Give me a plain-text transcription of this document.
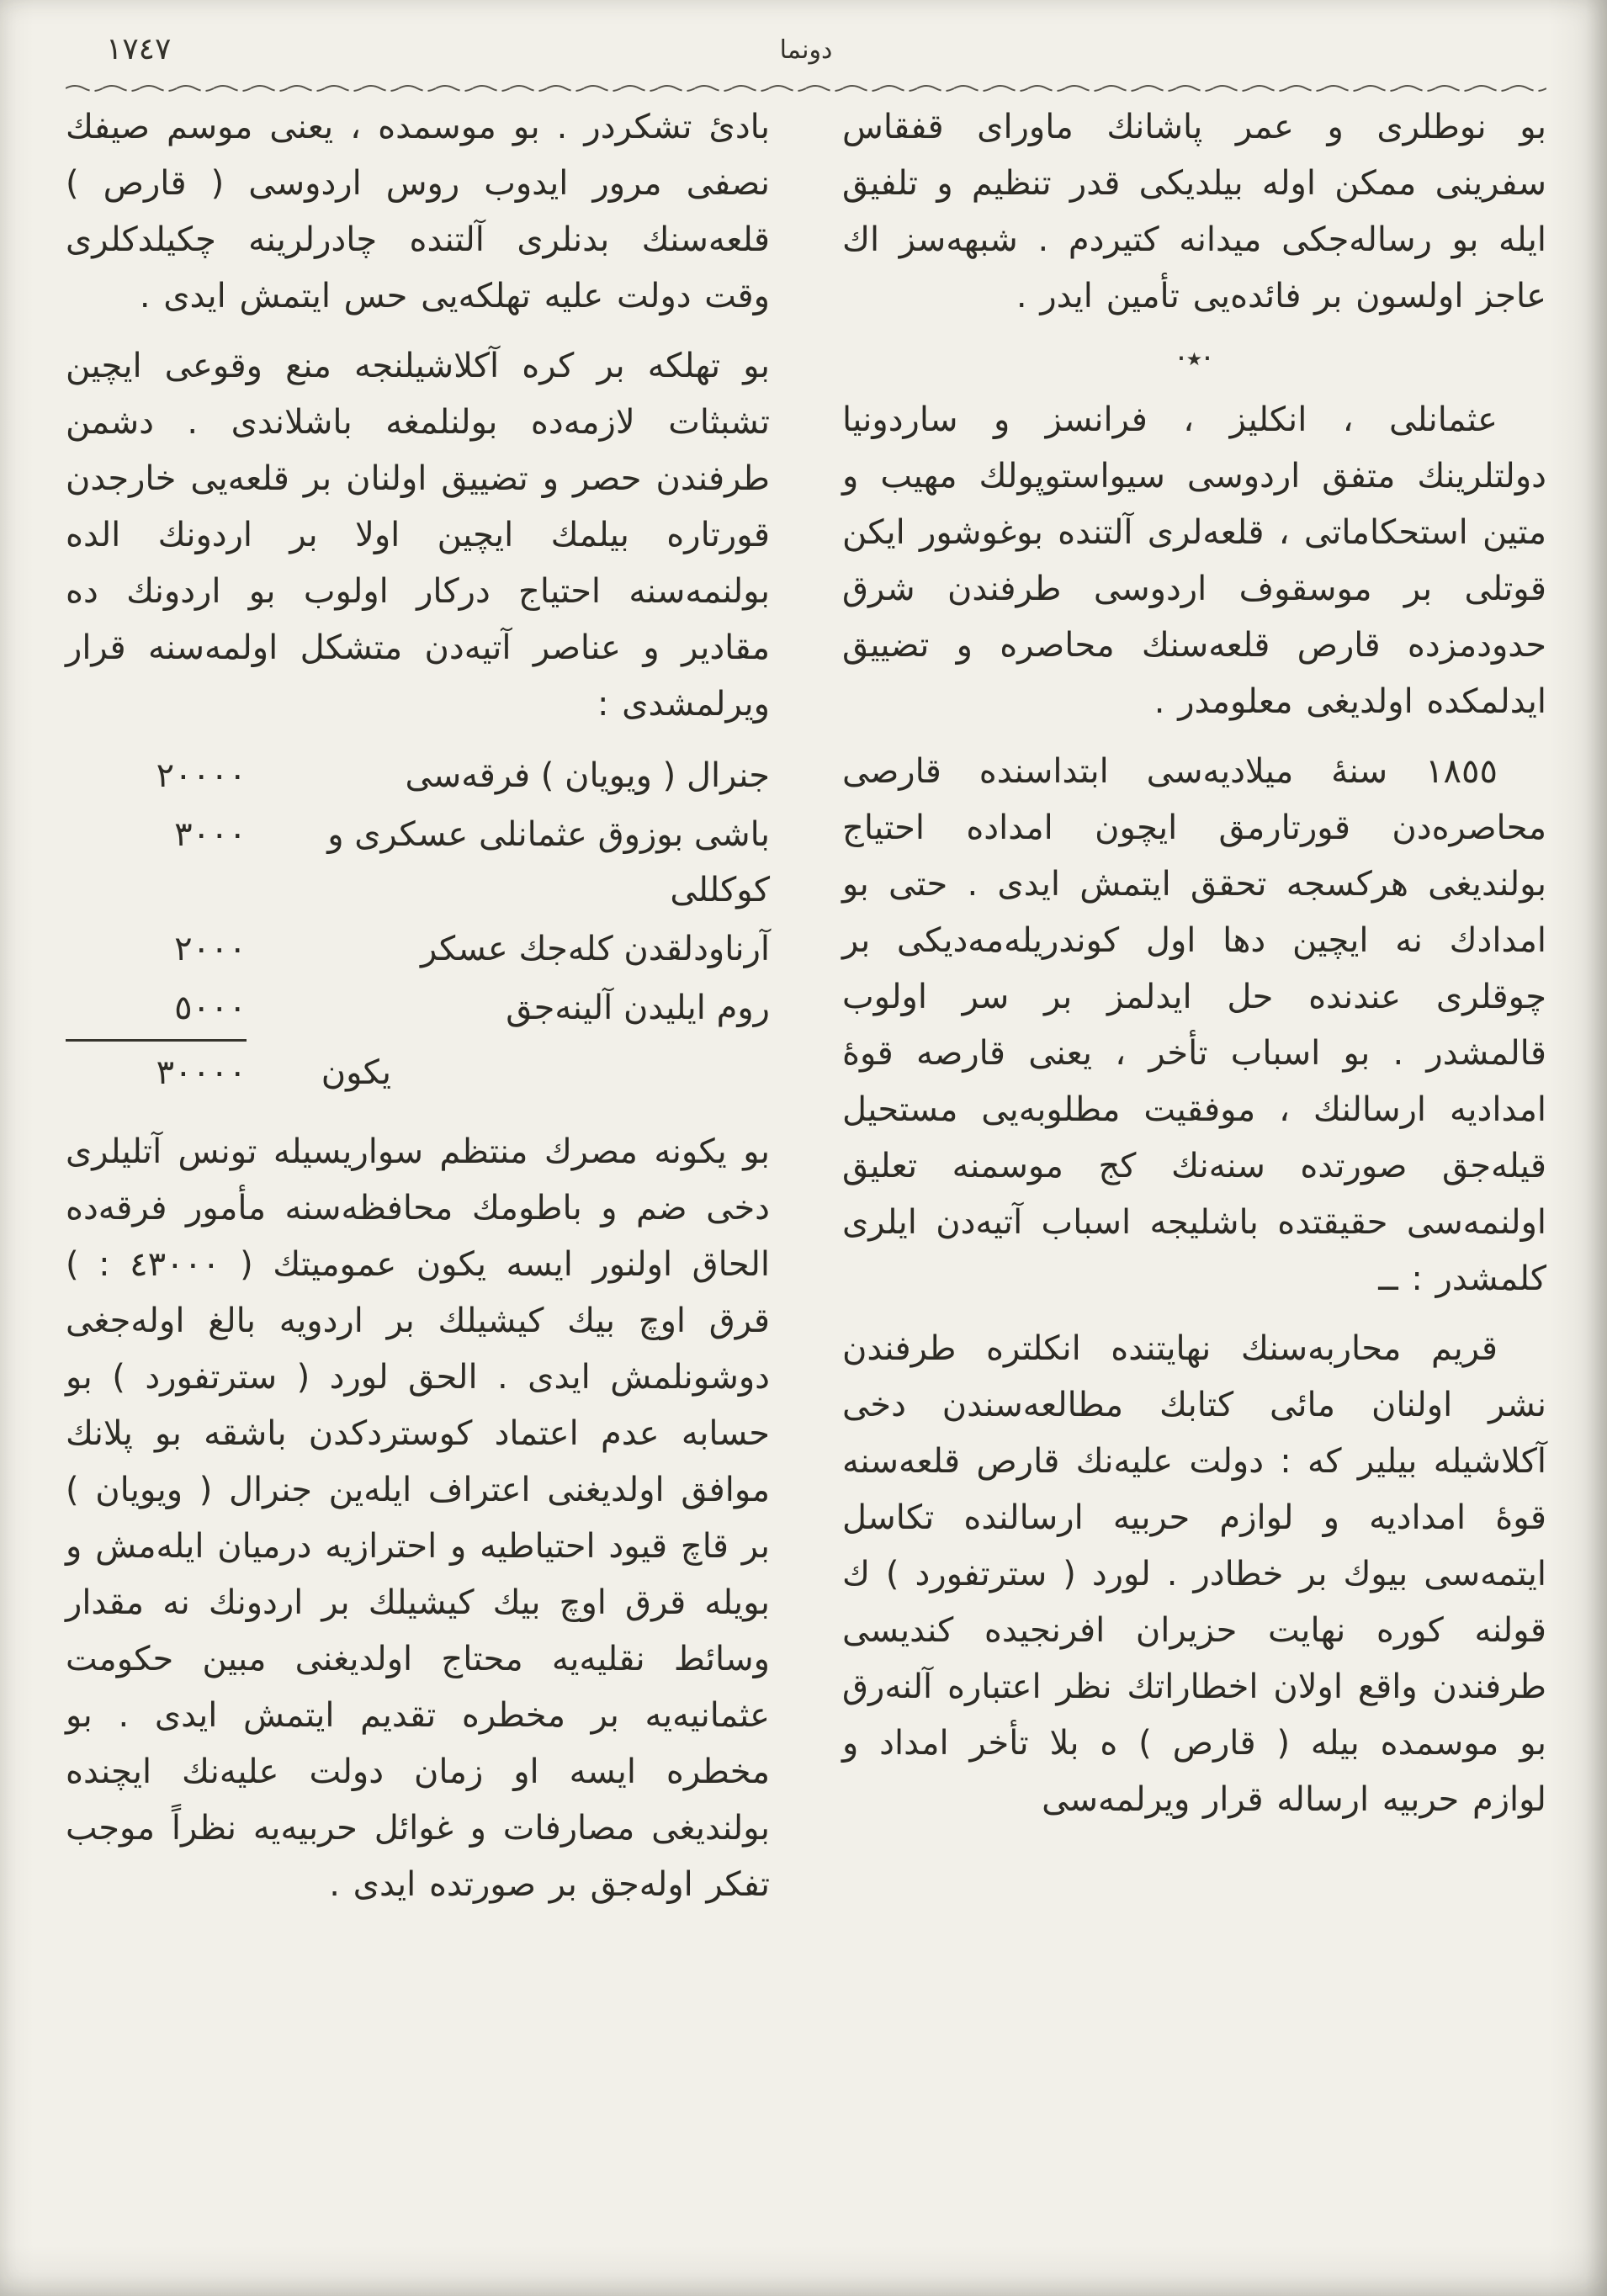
١٧٤٧	دونما

بو نوطلرى و عمر پاشانك ماوراى قفقاس سفرينى ممكن اوله بيلديكى قدر تنظيم و تلفيق ايله بو رساله‌جكى ميدانه كتيردم . شبهه‌سز اك عاجز اولسون بر فائده‌يى تأمين ايدر .

·٭·

عثمانلى ، انكليز ، فرانسز و ساردونيا دولتلرينك متفق اردوسى سيواستوپولك مهيب و متين استحكاماتى ، قلعه‌لرى آلتنده بوغوشور ايكن قوتلى بر موسقوف اردوسى طرفندن شرق حدودمزده قارص قلعه‌سنك محاصره و تضييق ايدلمكده اولديغى معلومدر .

١٨٥٥ سنهٔ ميلاديه‌سى ابتداسنده قارصى محاصره‌دن قورتارمق ايچون امداده احتياج بولنديغى هركسجه تحقق ايتمش ايدى . حتى بو امدادك نه ايچين دها اول كوندريله‌مه‌ديكى بر چوقلرى عندنده حل ايدلمز بر سر اولوب قالمشدر . بو اسباب تأخر ، يعنى قارصه قوهٔ امداديه ارسالنك ، موفقيت مطلوبه‌يى مستحيل قيله‌جق صورتده سنه‌نك كج موسمنه تعليق اولنمه‌سى حقيقتده باشليجه اسباب آتيه‌دن ايلرى كلمشدر : ــ

قريم محاربه‌سنك نهايتنده انكلتره طرفندن نشر اولنان مائى كتابك مطالعه‌سندن دخى آكلاشيله بيلير كه : دولت عليه‌نك قارص قلعه‌سنه قوهٔ امداديه و لوازم حربيه ارسالنده تكاسل ايتمه‌سى بيوك بر خطادر . لورد ( سترتفورد ) ك قولنه كوره نهايت حزيران افرنجيده كنديسى طرفندن واقع اولان اخطاراتك نظر اعتباره آلنه‌رق بو موسمده بيله ( قارص ) ه بلا تأخر امداد و لوازم حربيه ارساله قرار ويرلمه‌سى

بادئ تشكردر . بو موسمده ، يعنى موسم صيفك نصفى مرور ايدوب روس اردوسى ( قارص ) قلعه‌سنك بدنلرى آلتنده چادرلرينه چكيلدكلرى وقت دولت عليه تهلكه‌يى حس ايتمش ايدى .

بو تهلكه بر كره آكلاشيلنجه منع وقوعى ايچين تشبثات لازمه‌ده بولنلمغه باشلاندى . دشمن طرفندن حصر و تضييق اولنان بر قلعه‌يى خارجدن قورتاره بيلمك ايچين اولا بر اردونك الده بولنمه‌سنه احتياج دركار اولوب بو اردونك ده مقادير و عناصر آتيه‌دن متشكل اولمه‌سنه قرار ويرلمشدى :

جنرال ( ويويان ) فرقه‌سى
٢٠٠٠٠
باشى بوزوق عثمانلى عسكرى و كوكللى
٣٠٠٠
آرناودلقدن كله‌جك عسكر
٢٠٠٠
روم ايليدن آلينه‌جق
٥٠٠٠
يكون
٣٠٠٠٠

بو يكونه مصرك منتظم سواريسيله تونس آتليلرى دخى ضم و باطومك محافظه‌سنه مأمور فرقه‌ده الحاق اولنور ايسه يكون عموميتك ( ٤٣٠٠٠ : ) قرق اوچ بيك كيشيلك بر اردويه بالغ اوله‌جغى دوشونلمش ايدى . الحق لورد ( سترتفورد ) بو حسابه عدم اعتماد كوستردكدن باشقه بو پلانك موافق اولديغنى اعتراف ايله‌ين جنرال ( ويويان ) بر قاچ قيود احتياطيه و احترازيه درميان ايله‌مش و بويله قرق اوچ بيك كيشيلك بر اردونك نه مقدار وسائط نقليه‌يه محتاج اولديغنى مبين حكومت عثمانيه‌يه بر مخطره تقديم ايتمش ايدى . بو مخطره ايسه او زمان دولت عليه‌نك ايچنده بولنديغى مصارفات و غوائل حربيه‌يه نظراً موجب تفكر اوله‌جق بر صورتده ايدى .
